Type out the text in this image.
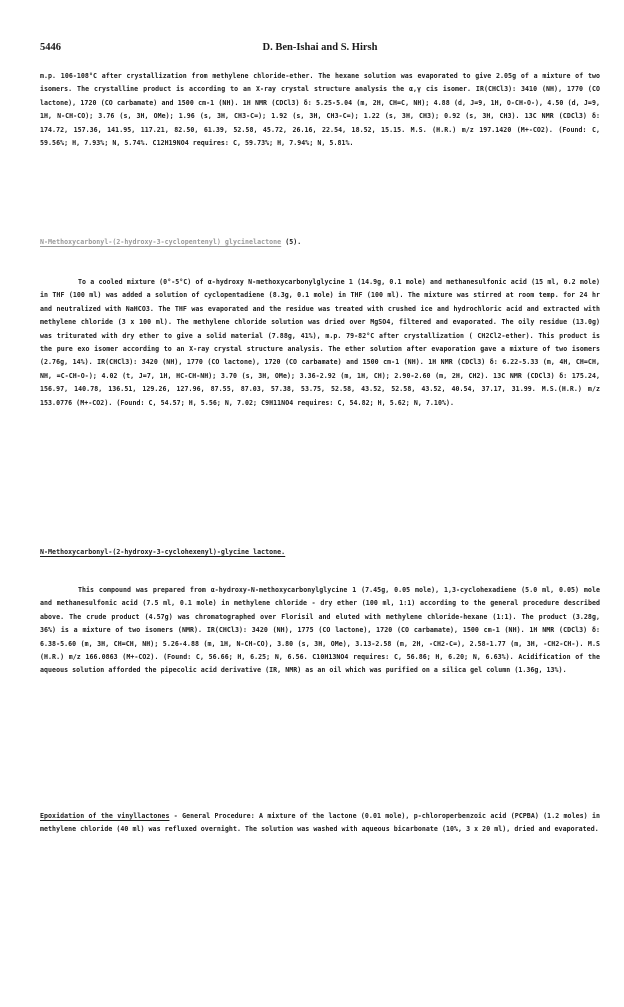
5446	D. Ben-Ishai and S. Hirsh

m.p. 106-108°C after crystallization from methylene chloride-ether. The hexane solution was evaporated to give 2.05g of a mixture of two isomers. The crystalline product is according to an X-ray crystal structure analysis the α,γ cis isomer. IR(CHCl3): 3410 (NH), 1770 (CO lactone), 1720 (CO carbamate) and 1500 cm-1 (NH). 1H NMR (CDCl3) δ: 5.25-5.04 (m, 2H, CH=C, NH); 4.88 (d, J=9, 1H, O-CH-O-), 4.50 (d, J=9, 1H, N-CH-CO); 3.76 (s, 3H, OMe); 1.96 (s, 3H, CH3-C=); 1.92 (s, 3H, CH3-C=); 1.22 (s, 3H, CH3); 0.92 (s, 3H, CH3). 13C NMR (CDCl3) δ: 174.72, 157.36, 141.95, 117.21, 82.50, 61.39, 52.58, 45.72, 26.16, 22.54, 18.52, 15.15. M.S. (H.R.) m/z 197.1420 (M+-CO2). (Found: C, 59.56%; H, 7.93%; N, 5.74%. C12H19NO4 requires: C, 59.73%; H, 7.94%; N, 5.81%.

N-Methoxycarbonyl-(2-hydroxy-3-cyclopentenyl) glycinelactone (5).

To a cooled mixture (0°-5°C) of α-hydroxy N-methoxycarbonylglycine 1 (14.9g, 0.1 mole) and methanesulfonic acid (15 ml, 0.2 mole) in THF (100 ml) was added a solution of cyclopentadiene (8.3g, 0.1 mole) in THF (100 ml). The mixture was stirred at room temp. for 24 hr and neutralized with NaHCO3. The THF was evaporated and the residue was treated with crushed ice and hydrochloric acid and extracted with methylene chloride (3 x 100 ml). The methylene chloride solution was dried over MgSO4, filtered and evaporated. The oily residue (13.0g) was triturated with dry ether to give a solid material (7.88g, 41%), m.p. 79-82°C after crystallization ( CH2Cl2-ether). This product is the pure exo isomer according to an X-ray crystal structure analysis. The ether solution after evaporation gave a mixture of two isomers (2.76g, 14%). IR(CHCl3): 3420 (NH), 1770 (CO lactone), 1720 (CO carbamate) and 1500 cm-1 (NH). 1H NMR (CDCl3) δ: 6.22-5.33 (m, 4H, CH=CH, NH, =C-CH-O-); 4.02 (t, J=7, 1H, HC-CH-NH); 3.70 (s, 3H, OMe); 3.36-2.92 (m, 1H, CH); 2.90-2.60 (m, 2H, CH2). 13C NMR (CDCl3) δ: 175.24, 156.97, 140.78, 136.51, 129.26, 127.96, 87.55, 87.03, 57.38, 53.75, 52.58, 43.52, 52.58, 43.52, 40.54, 37.17, 31.99. M.S.(H.R.) m/z 153.0776 (M+-CO2). (Found: C, 54.57; H, 5.56; N, 7.02; C9H11NO4 requires: C, 54.82; H, 5.62; N, 7.10%).

N-Methoxycarbonyl-(2-hydroxy-3-cyclohexenyl)-glycine lactone.

This compound was prepared from α-hydroxy-N-methoxycarbonylglycine 1 (7.45g, 0.05 mole), 1,3-cyclohexadiene (5.0 ml, 0.05) mole and methanesulfonic acid (7.5 ml, 0.1 mole) in methylene chloride - dry ether (100 ml, 1:1) according to the general procedure described above. The crude product (4.57g) was chromatographed over Florisil and eluted with methylene chloride-hexane (1:1). The product (3.28g, 36%) is a mixture of two isomers (NMR). IR(CHCl3): 3420 (NH), 1775 (CO lactone), 1720 (CO carbamate), 1500 cm-1 (NH). 1H NMR (CDCl3) δ: 6.38-5.60 (m, 3H, CH=CH, NH); 5.26-4.88 (m, 1H, N-CH-CO), 3.80 (s, 3H, OMe), 3.13-2.58 (m, 2H, -CH2-C=), 2.58-1.77 (m, 3H, -CH2-CH-). M.S (H.R.) m/z 166.0863 (M+-CO2). (Found: C, 56.66; H, 6.25; N, 6.56. C10H13NO4 requires: C, 56.86; H, 6.20; N, 6.63%). Acidification of the aqueous solution afforded the pipecolic acid derivative (IR, NMR) as an oil which was purified on a silica gel column (1.36g, 13%).

Epoxidation of the vinyllactones - General Procedure: A mixture of the lactone (0.01 mole), p-chloroperbenzoic acid (PCPBA) (1.2 moles) in methylene chloride (40 ml) was refluxed overnight. The solution was washed with aqueous bicarbonate (10%, 3 x 20 ml), dried and evaporated.
